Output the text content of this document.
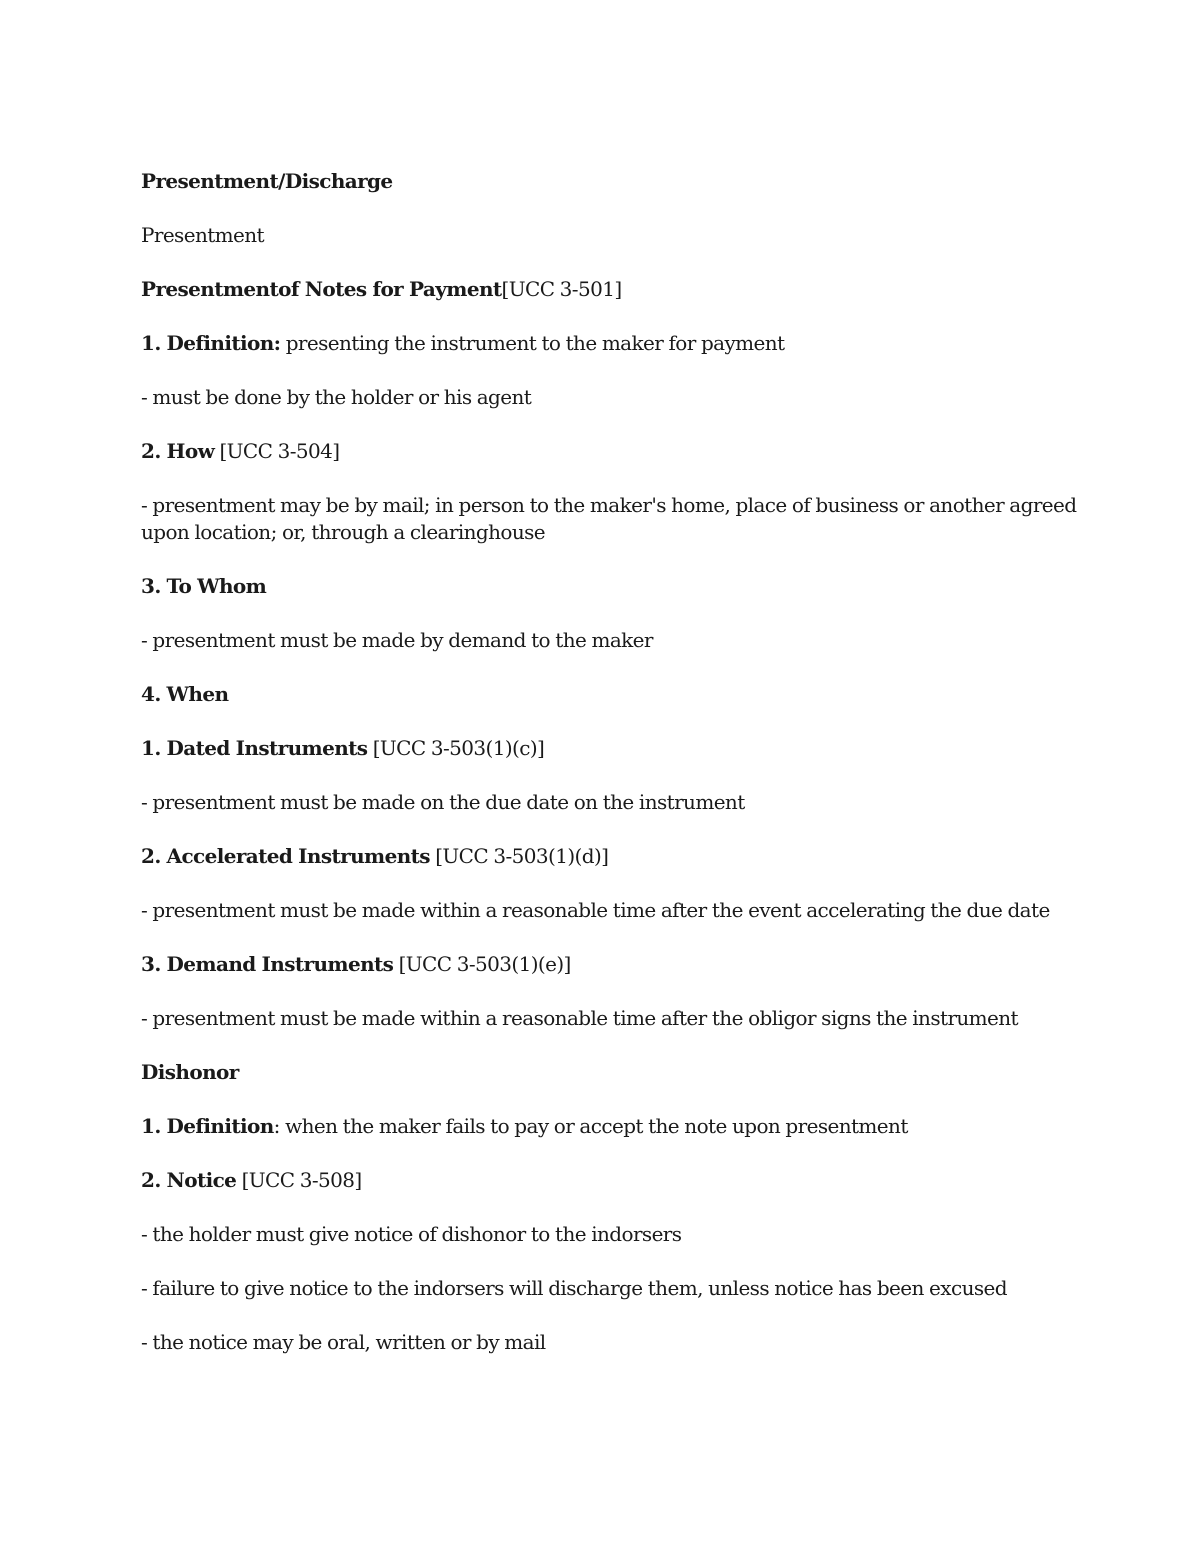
Presentment/Discharge

Presentment

Presentmentof Notes for Payment[UCC 3-501]

1. Definition: presenting the instrument to the maker for payment

- must be done by the holder or his agent

2. How [UCC 3-504]

- presentment may be by mail; in person to the maker's home, place of business or another agreed upon location; or, through a clearinghouse

3. To Whom

- presentment must be made by demand to the maker

4. When

1. Dated Instruments [UCC 3-503(1)(c)]

- presentment must be made on the due date on the instrument

2. Accelerated Instruments [UCC 3-503(1)(d)]

- presentment must be made within a reasonable time after the event accelerating the due date

3. Demand Instruments [UCC 3-503(1)(e)]

- presentment must be made within a reasonable time after the obligor signs the instrument

Dishonor

1. Definition: when the maker fails to pay or accept the note upon presentment

2. Notice [UCC 3-508]

- the holder must give notice of dishonor to the indorsers

- failure to give notice to the indorsers will discharge them, unless notice has been excused

- the notice may be oral, written or by mail
